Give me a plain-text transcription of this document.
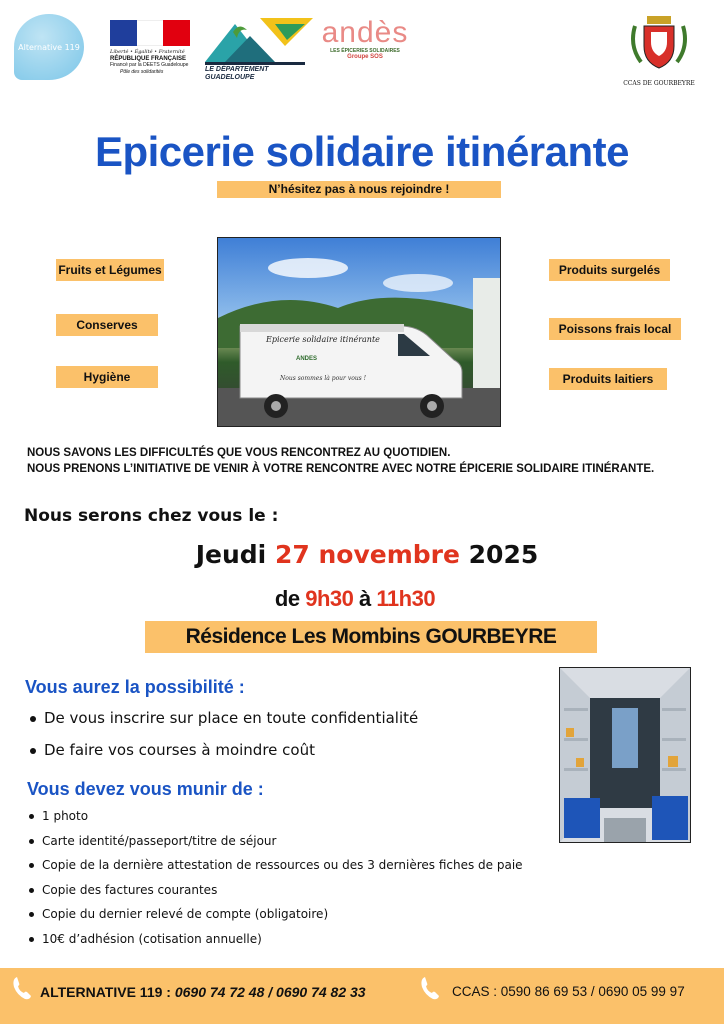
Alternative 119
Liberté • Égalité • Fraternité
RÉPUBLIQUE FRANÇAISE
Financé par la DEETS Guadeloupe
Pôle des solidarités	LE DÉPARTEMENT
GUADELOUPE
andès
LES ÉPICERIES SOLIDAIRES
Groupe SOS
CCAS DE GOURBEYRE
Epicerie solidaire itinérante
N’hésitez pas à nous rejoindre !
Fruits et Légumes
Conserves
Hygiène
Produits surgelés
Poissons frais local
Produits laitiers
Epicerie solidaire itinérante
ANDES
Nous sommes là pour vous !
NOUS SAVONS LES DIFFICULTÉS QUE VOUS RENCONTREZ AU QUOTIDIEN.
NOUS PRENONS L’INITIATIVE DE VENIR À VOTRE RENCONTRE AVEC NOTRE ÉPICERIE SOLIDAIRE ITINÉRANTE.
Nous serons chez vous le :
Jeudi 27 novembre 2025
de 9h30 à 11h30
Résidence Les Mombins GOURBEYRE
Vous aurez la possibilité :
De vous inscrire sur place en toute confidentialité
De faire vos courses à moindre coût
Vous devez vous munir de :
1 photo
Carte identité/passeport/titre de séjour
Copie de la dernière attestation de ressources ou des 3 dernières fiches de paie
Copie des factures courantes
Copie du dernier relevé de compte (obligatoire)
10€ d’adhésion (cotisation annuelle)
ALTERNATIVE 119 : 0690 74 72 48 / 0690 74 82 33	CCAS : 0590 86 69 53 / 0690 05 99 97
